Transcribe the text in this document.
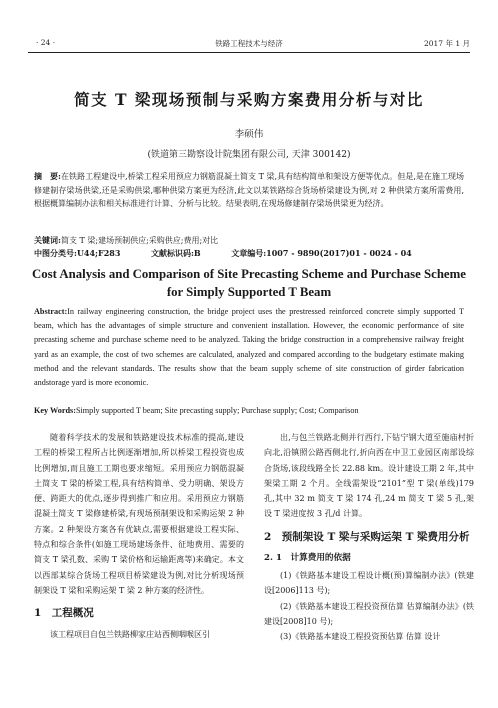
· 24 ·	铁路工程技术与经济	2017 年 1 月
简支 T 梁现场预制与采购方案费用分析与对比
李硕伟
(铁道第三勘察设计院集团有限公司, 天津 300142)
摘　要:在铁路工程建设中,桥梁工程采用预应力钢筋混凝土简支 T 梁,具有结构简单和架设方便等优点。但是,是在施工现场修建制存梁场供梁,还是采购供梁,哪种供梁方案更为经济,此文以某铁路综合货场桥梁建设为例,对 2 种供梁方案所需费用,根据概算编制办法和相关标准进行计算、分析与比较。结果表明,在现场修建制存梁场供梁更为经济。
关键词:简支 T 梁;建场预制供应;采购供应;费用;对比
中图分类号:U44;F283	文献标识码:B	文章编号:1007 - 9890(2017)01 - 0024 - 04
Cost Analysis and Comparison of Site Precasting Scheme and Purchase Scheme for Simply Supported T Beam
Abstract:In railway engineering construction, the bridge project uses the prestressed reinforced concrete simply supported T beam, which has the advantages of simple structure and convenient installation. However, the economic performance of site precasting scheme and purchase scheme need to be analyzed. Taking the bridge construction in a comprehensive railway freight yard as an example, the cost of two schemes are calculated, analyzed and compared according to the budgetary estimate making method and the relevant standards. The results show that the beam supply scheme of site construction of girder fabrication andstorage yard is more economic.
Key Words:Simply supported T beam; Site precasting supply; Purchase supply; Cost; Comparison

随着科学技术的发展和铁路建设技术标准的提高,建设工程的桥梁工程所占比例逐渐增加,所以桥梁工程投资也成比例增加,而且施工工期也要求缩短。采用预应力钢筋混凝土简支 T 梁的桥梁工程,具有结构简单、受力明确、架设方便、跨距大的优点,逐步得到推广和应用。采用预应力钢筋混凝土简支 T 梁修建桥梁,有现场预制架设和采购运架 2 种方案。2 种架设方案各有优缺点,需要根据建设工程实际、特点和综合条件(如施工现场建场条件、征地费用、需要的简支 T 梁孔数、采购 T 梁价格和运输距离等)来确定。本文以西部某综合货场工程项目桥梁建设为例,对比分析现场预制架设 T 梁和采购运架 T 梁 2 种方案的经济性。

1　工程概况

该工程项目自包兰铁路柳家庄站西侧咽喉区引

出,与包兰铁路北侧并行西行,下钻宁钢大道至施庙村折向北,沿镇照公路西侧北行,折向西在中卫工业园区南部设综合货场,该段线路全长 22.88 km。设计建设工期 2 年,其中架梁工期 2 个月。全线需架设“2101”型 T 梁(单线)179 孔,其中 32 m 简支 T 梁 174 孔,24 m 简支 T 梁 5 孔,架设 T 梁进度按 3 孔/d 计算。

2　预制架设 T 梁与采购运架 T 梁费用分析
2. 1　计算费用的依据

(1)《铁路基本建设工程设计概(预)算编制办法》(铁建设[2006]113 号);

(2)《铁路基本建设工程投资预估算 估算编制办法》(铁建设[2008]10 号);

(3)《铁路基本建设工程投资预估算 估算 设计
